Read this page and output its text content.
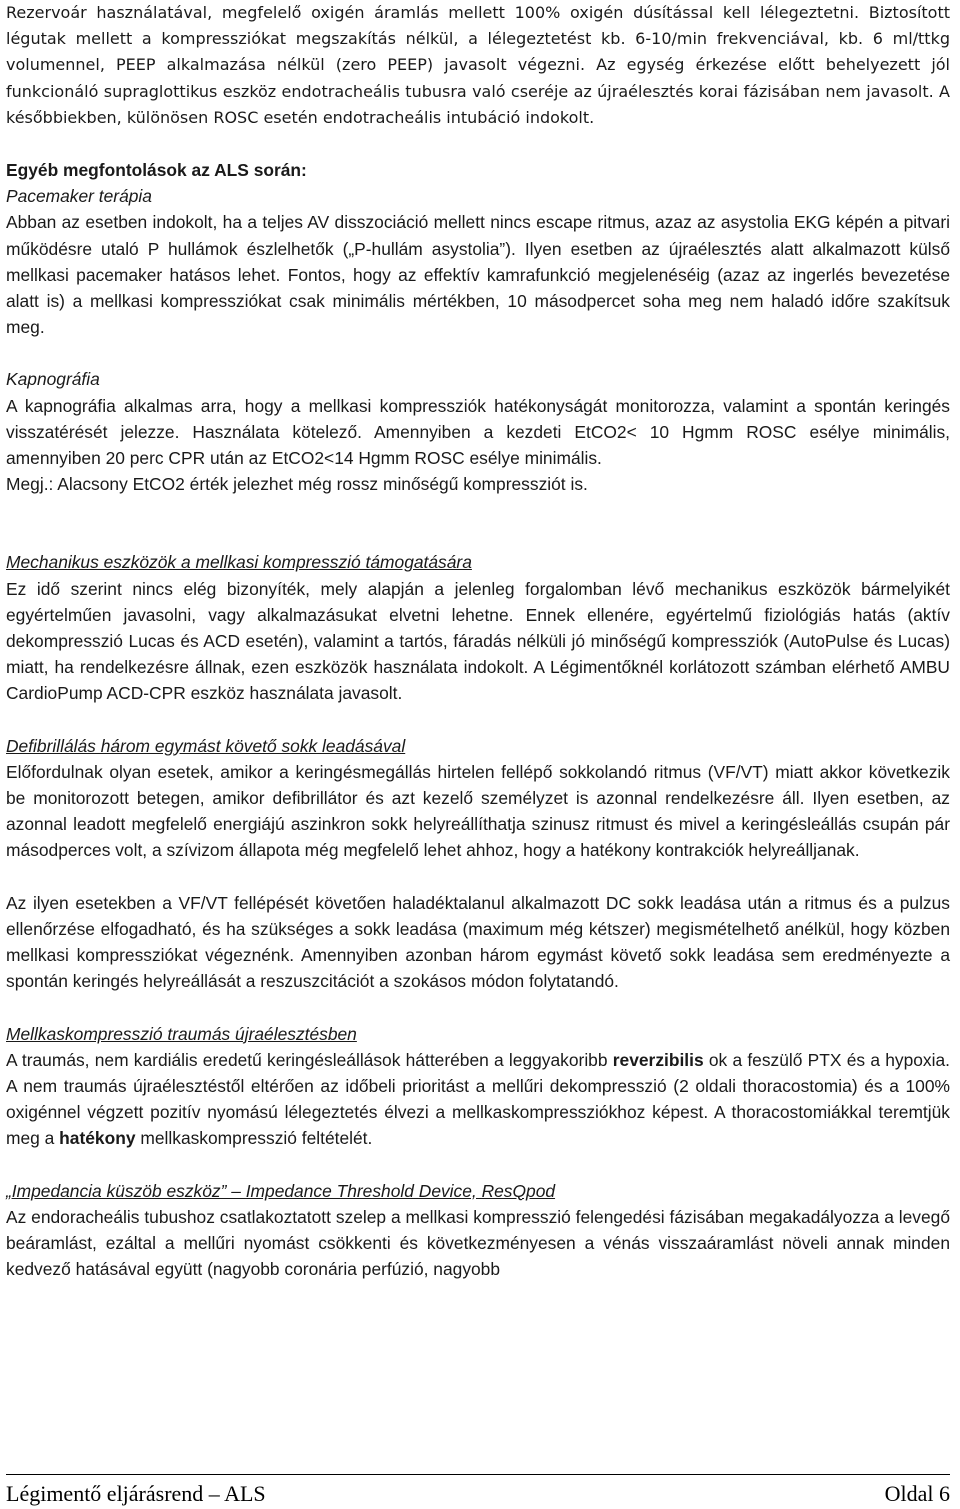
Rezervoár használatával, megfelelő oxigén áramlás mellett 100% oxigén dúsítással kell lélegeztetni. Biztosított légutak mellett a kompressziókat megszakítás nélkül, a lélegeztetést kb. 6-10/min frekvenciával, kb. 6 ml/ttkg volumennel, PEEP alkalmazása nélkül (zero PEEP) javasolt végezni. Az egység érkezése előtt behelyezett jól funkcionáló supraglottikus eszköz endotracheális tubusra való cseréje az újraélesztés korai fázisában nem javasolt. A későbbiekben, különösen ROSC esetén endotracheális intubáció indokolt.

Egyéb megfontolások az ALS során:

Pacemaker terápia

Abban az esetben indokolt, ha a teljes AV disszociáció mellett nincs escape ritmus, azaz az asystolia EKG képén a pitvari működésre utaló P hullámok észlelhetők („P-hullám asystolia”). Ilyen esetben az újraélesztés alatt alkalmazott külső mellkasi pacemaker hatásos lehet. Fontos, hogy az effektív kamrafunkció megjelenéséig (azaz az ingerlés bevezetése alatt is) a mellkasi kompressziókat csak minimális mértékben, 10 másodpercet soha meg nem haladó időre szakítsuk meg.

Kapnográfia

A kapnográfia alkalmas arra, hogy a mellkasi kompressziók hatékonyságát monitorozza, valamint a spontán keringés visszatérését jelezze. Használata kötelező. Amennyiben a kezdeti EtCO2< 10 Hgmm ROSC esélye minimális, amennyiben 20 perc CPR után az EtCO2<14 Hgmm ROSC esélye minimális.

Megj.: Alacsony EtCO2 érték jelezhet még rossz minőségű kompressziót is.

Mechanikus eszközök a mellkasi kompresszió támogatására

Ez idő szerint nincs elég bizonyíték, mely alapján a jelenleg forgalomban lévő mechanikus eszközök bármelyikét egyértelműen javasolni, vagy alkalmazásukat elvetni lehetne. Ennek ellenére, egyértelmű fiziológiás hatás (aktív dekompresszió Lucas és ACD esetén), valamint a tartós, fáradás nélküli jó minőségű kompressziók (AutoPulse és Lucas) miatt, ha rendelkezésre állnak, ezen eszközök használata indokolt. A Légimentőknél korlátozott számban elérhető AMBU CardioPump ACD-CPR eszköz használata javasolt.

Defibrillálás három egymást követő sokk leadásával

Előfordulnak olyan esetek, amikor a keringésmegállás hirtelen fellépő sokkolandó ritmus (VF/VT) miatt akkor következik be monitorozott betegen, amikor defibrillátor és azt kezelő személyzet is azonnal rendelkezésre áll. Ilyen esetben, az azonnal leadott megfelelő energiájú aszinkron sokk helyreállíthatja szinusz ritmust és mivel a keringésleállás csupán pár másodperces volt, a szívizom állapota még megfelelő lehet ahhoz, hogy a hatékony kontrakciók helyreálljanak.

Az ilyen esetekben a VF/VT fellépését követően haladéktalanul alkalmazott DC sokk leadása után a ritmus és a pulzus ellenőrzése elfogadható, és ha szükséges a sokk leadása (maximum még kétszer) megismételhető anélkül, hogy közben mellkasi kompressziókat végeznénk. Amennyiben azonban három egymást követő sokk leadása sem eredményezte a spontán keringés helyreállását a reszuszcitációt a szokásos módon folytatandó.

Mellkaskompresszió traumás újraélesztésben

A traumás, nem kardiális eredetű keringésleállások hátterében a leggyakoribb reverzibilis ok a feszülő PTX és a hypoxia. A nem traumás újraélesztéstől eltérően az időbeli prioritást a mellűri dekompresszió (2 oldali thoracostomia) és a 100% oxigénnel végzett pozitív nyomású lélegeztetés élvezi a mellkaskompressziókhoz képest. A thoracostomiákkal teremtjük meg a hatékony mellkaskompresszió feltételét.

„Impedancia küszöb eszköz” – Impedance Threshold Device, ResQpod

Az endoracheális tubushoz csatlakoztatott szelep a mellkasi kompresszió felengedési fázisában megakadályozza a levegő beáramlást, ezáltal a mellűri nyomást csökkenti és következményesen a vénás visszaáramlást növeli annak minden kedvező hatásával együtt (nagyobb coronária perfúzió, nagyobb

Légimentő eljárásrend – ALS	Oldal 6
